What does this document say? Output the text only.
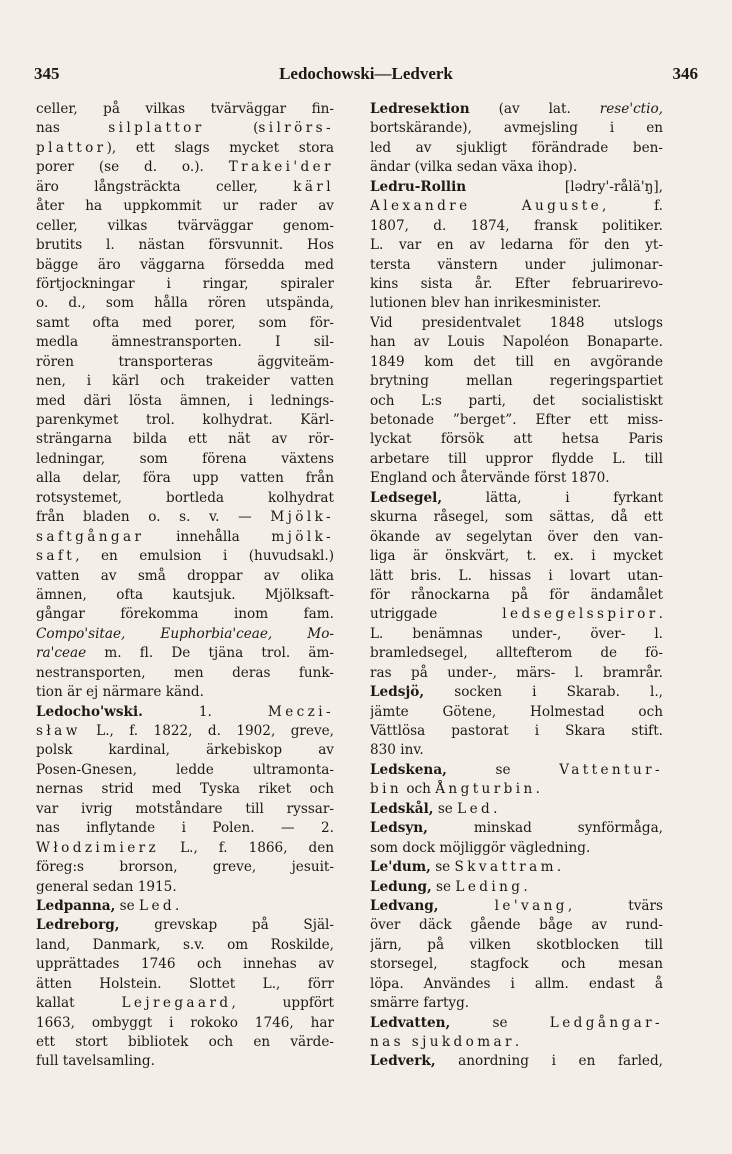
345	Ledochowski—Ledverk	346
celler, på vilkas tvärväggar fin-
nas silplattor (silrörs-
plattor), ett slags mycket stora
porer (se d. o.). Trakei'der
äro långsträckta celler, kärl
åter ha uppkommit ur rader av
celler, vilkas tvärväggar genom-
brutits l. nästan försvunnit. Hos
bägge äro väggarna försedda med
förtjockningar i ringar, spiraler
o. d., som hålla rören utspända,
samt ofta med porer, som för-
medla ämnestransporten. I sil-
rören transporteras äggviteäm-
nen, i kärl och trakeider vatten
med däri lösta ämnen, i lednings-
parenkymet trol. kolhydrat. Kärl-
strängarna bilda ett nät av rör-
ledningar, som förena växtens
alla delar, föra upp vatten från
rotsystemet, bortleda kolhydrat
från bladen o. s. v. — Mjölk-
saftgångar innehålla mjölk-
saft, en emulsion i (huvudsakl.)
vatten av små droppar av olika
ämnen, ofta kautsjuk. Mjölksaft-
gångar förekomma inom fam.
Compo'sitae, Euphorbia'ceae, Mo-
ra'ceae m. fl. De tjäna trol. äm-
nestransporten, men deras funk-
tion är ej närmare känd.
Ledocho'wski. 1. Meczi-
sław L., f. 1822, d. 1902, greve,
polsk kardinal, ärkebiskop av
Posen-Gnesen, ledde ultramonta-
nernas strid med Tyska riket och
var ivrig motståndare till ryssar-
nas inflytande i Polen. — 2.
Włodzimierz L., f. 1866, den
föreg:s brorson, greve, jesuit-
general sedan 1915.
Ledpanna, se Led.
Ledreborg, grevskap på Själ-
land, Danmark, s.v. om Roskilde,
upprättades 1746 och innehas av
ätten Holstein. Slottet L., förr
kallat Lejregaard, uppfört
1663, ombyggt i rokoko 1746, har
ett stort bibliotek och en värde-
full tavelsamling.
Ledresektion (av lat. rese'ctio,
bortskärande), avmejsling i en
led av sjukligt förändrade ben-
ändar (vilka sedan växa ihop).
Ledru-Rollin [lədry'-rålä'ŋ],
Alexandre Auguste, f.
1807, d. 1874, fransk politiker.
L. var en av ledarna för den yt-
tersta vänstern under julimonar-
kins sista år. Efter februarirevo-
lutionen blev han inrikesminister.
Vid presidentvalet 1848 utslogs
han av Louis Napoléon Bonaparte.
1849 kom det till en avgörande
brytning mellan regeringspartiet
och L:s parti, det socialistiskt
betonade ”berget”. Efter ett miss-
lyckat försök att hetsa Paris
arbetare till uppror flydde L. till
England och återvände först 1870.
Ledsegel, lätta, i fyrkant
skurna råsegel, som sättas, då ett
ökande av segelytan över den van-
liga är önskvärt, t. ex. i mycket
lätt bris. L. hissas i lovart utan-
för rånockarna på för ändamålet
utriggade ledsegelsspiror.
L. benämnas under-, över- l.
bramledsegel, alltefterom de fö-
ras på under-, märs- l. bramrår.
Ledsjö, socken i Skarab. l.,
jämte Götene, Holmestad och
Vättlösa pastorat i Skara stift.
830 inv.
Ledskena, se Vattentur-
bin och Ångturbin.
Ledskål, se Led.
Ledsyn, minskad synförmåga,
som dock möjliggör vägledning.
Le'dum, se Skvattram.
Ledung, se Leding.
Ledvang,	le'vang, tvärs
över däck gående båge av rund-
järn, på vilken skotblocken till
storsegel, stagfock och mesan
löpa. Användes i allm. endast å
smärre fartyg.
Ledvatten, se Ledgångar-
nas sjukdomar.
Ledverk, anordning i en farled,
